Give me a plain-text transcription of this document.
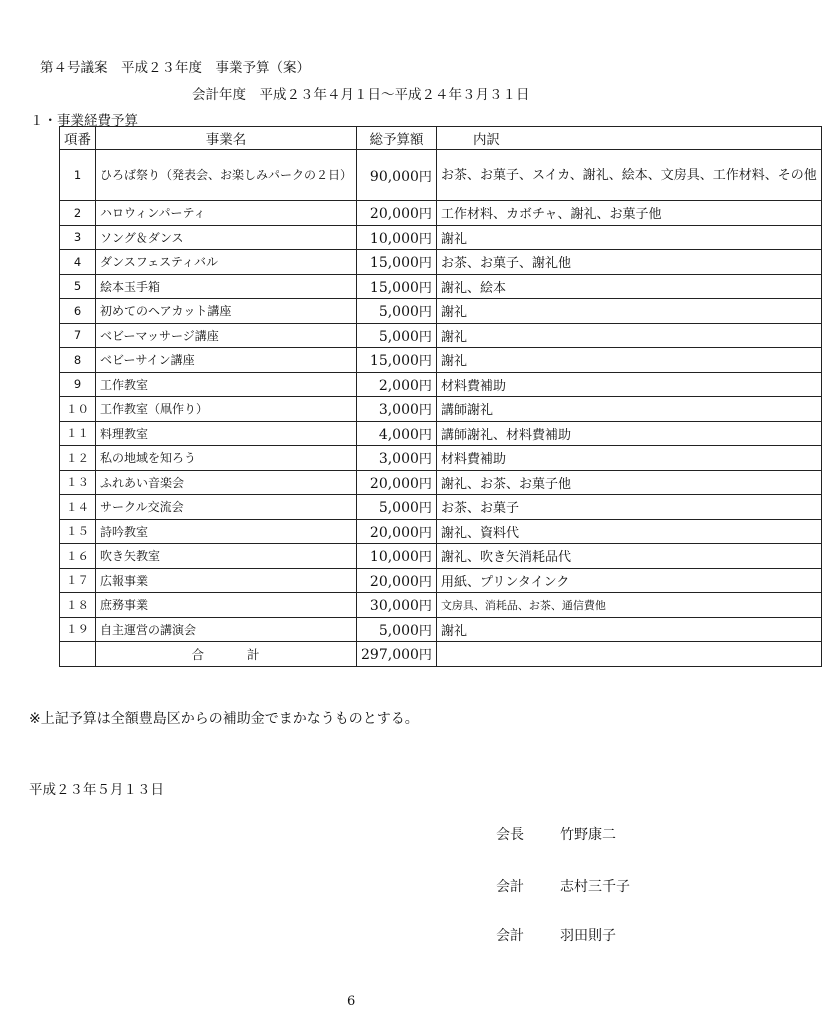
第４号議案　平成２３年度　事業予算（案）
会計年度　平成２３年４月１日～平成２４年３月３１日
１・事業経費予算
項番	事業名	総予算額	内訳
1	ひろば祭り（発表会、お楽しみパークの２日）	90,000円	お茶、お菓子、スイカ、謝礼、絵本、文房具、工作材料、その他
2	ハロウィンパーティ	20,000円	工作材料、カボチャ、謝礼、お菓子他
3	ソング＆ダンス	10,000円	謝礼
4	ダンスフェスティバル	15,000円	お茶、お菓子、謝礼他
5	絵本玉手箱	15,000円	謝礼、絵本
6	初めてのヘアカット講座	5,000円	謝礼
7	ベビーマッサージ講座	5,000円	謝礼
8	ベビーサイン講座	15,000円	謝礼
9	工作教室	2,000円	材料費補助
１０	工作教室（凧作り）	3,000円	講師謝礼
１１	料理教室	4,000円	講師謝礼、材料費補助
１２	私の地域を知ろう	3,000円	材料費補助
１３	ふれあい音楽会	20,000円	謝礼、お茶、お菓子他
１４	サークル交流会	5,000円	お茶、お菓子
１５	詩吟教室	20,000円	謝礼、資料代
１６	吹き矢教室	10,000円	謝礼、吹き矢消耗品代
１７	広報事業	20,000円	用紙、プリンタインク
１８	庶務事業	30,000円	文房具、消耗品、お茶、通信費他
１９	自主運営の講演会	5,000円	謝礼
	合 計	297,000円	
※上記予算は全額豊島区からの補助金でまかなうものとする。
平成２３年５月１３日
会長	竹野康二
会計	志村三千子
会計	羽田則子
6
